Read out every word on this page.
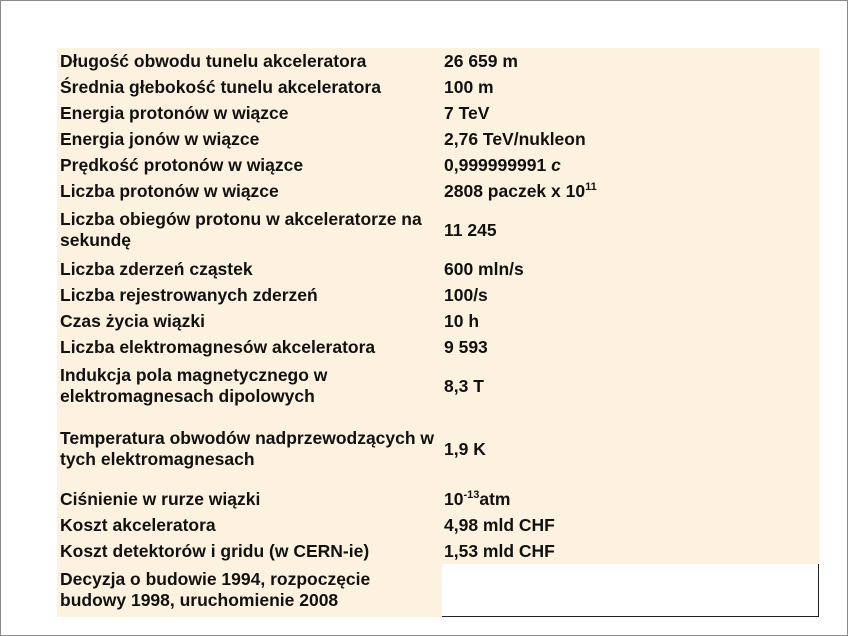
Długość obwodu tunelu akceleratora	26 659 m
Średnia głebokość tunelu akceleratora	100 m
Energia protonów w wiązce	7 TeV
Energia jonów w wiązce	2,76 TeV/nukleon
Prędkość protonów w wiązce	0,999999991 c
Liczba protonów w wiązce	2808 paczek x $10^{11}$
Liczba obiegów protonu w akceleratorze na sekundę	11 245
Liczba zderzeń cząstek	600 mln/s
Liczba rejestrowanych zderzeń	100/s
Czas życia wiązki	10 h
Liczba elektromagnesów akceleratora	9 593
Indukcja pola magnetycznego w elektromagnesach dipolowych	8,3 T
Temperatura obwodów nadprzewodzących w tych elektromagnesach	1,9 K
Ciśnienie w rurze wiązki	$10^{-13}atm$
Koszt akceleratora	4,98 mld CHF
Koszt detektorów i gridu (w CERN-ie)	1,53 mld CHF
Decyzja o budowie 1994, rozpoczęcie budowy 1998, uruchomienie 2008	
